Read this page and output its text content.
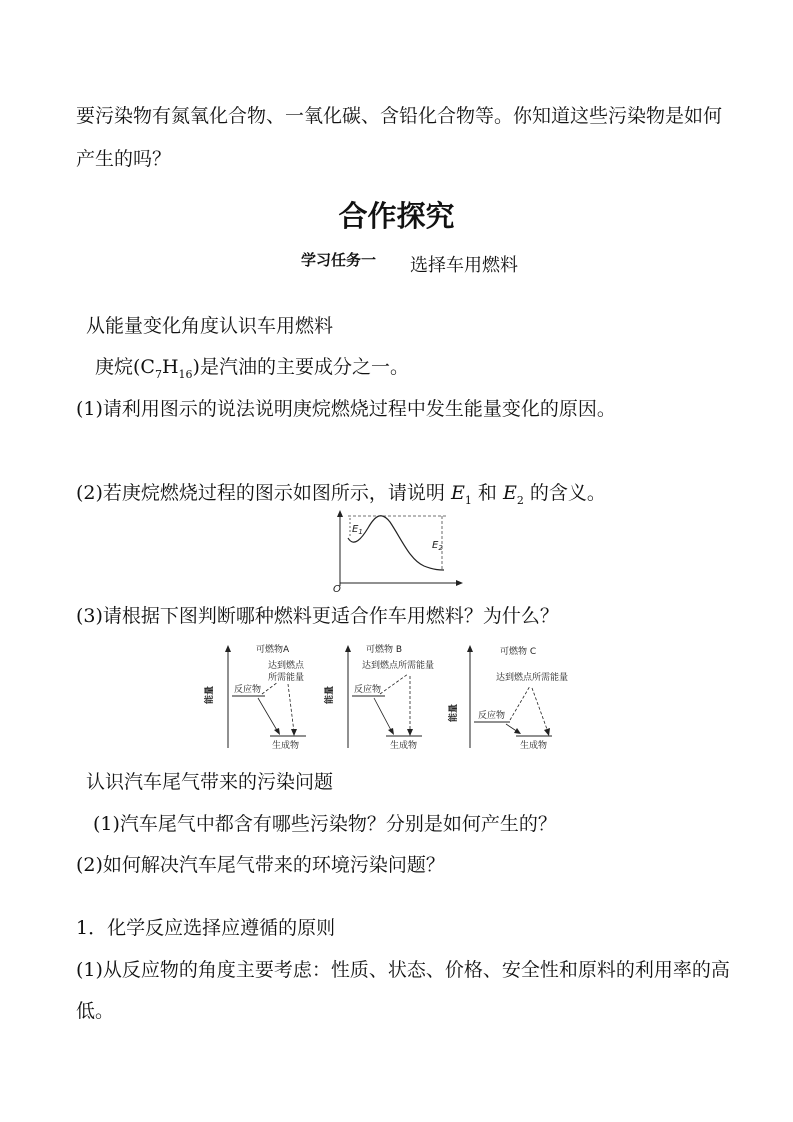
要污染物有氮氧化合物、一氧化碳、含铅化合物等。你知道这些污染物是如何
产生的吗？
合作探究
学习任务一 选择车用燃料
从能量变化角度认识车用燃料
庚烷$(C_7H_{16})$是汽油的主要成分之一。
(1)请利用图示的说法说明庚烷燃烧过程中发生能量变化的原因。
(2)若庚烷燃烧过程的图示如图所示，请说明 $E_1$ 和 $E_2$ 的含义。
$E_1$
$E_2$
O
(3)请根据下图判断哪种燃料更适合作车用燃料？为什么？
能量
可燃物A
达到燃点
所需能量
反应物
生成物
能量
可燃物 B
达到燃点所需能量
反应物
生成物
能量
可燃物 C
达到燃点所需能量
反应物
生成物
认识汽车尾气带来的污染问题
(1)汽车尾气中都含有哪些污染物？分别是如何产生的？
(2)如何解决汽车尾气带来的环境污染问题？
1．化学反应选择应遵循的原则
(1)从反应物的角度主要考虑：性质、状态、价格、安全性和原料的利用率的高
低。
